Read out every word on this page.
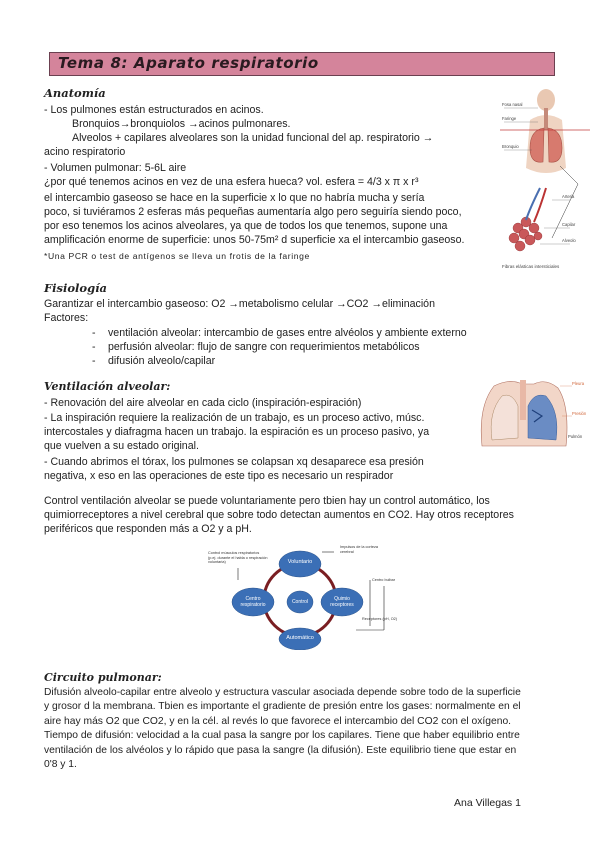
Tema 8: Aparato respiratorio
Anatomía
- Los pulmones están estructurados en acinos.
Bronquios→bronquiolos →acinos pulmonares.
Alveolos + capilares alveolares son la unidad funcional del ap. respiratorio →
acino respiratorio
- Volumen pulmonar: 5-6L aire
¿por qué tenemos acinos en vez de una esfera hueca? vol. esfera = 4/3 x π x r³
el intercambio gaseoso se hace en la superficie x lo que no habría mucha y sería
poco, si tuviéramos 2 esferas más pequeñas aumentaría algo pero seguiría siendo poco,
por eso tenemos los acinos alveolares, ya que de todos los que tenemos, supone una
amplificación enorme de superficie: unos 50-75m² d superficie xa el intercambio gaseoso.
*Una PCR o test de antígenos se lleva un frotis de la faringe
Fosa nasal
Faringe
Bronquio
Arteria
Capilar
Alveolo
Fibras elásticas intersticiales
Fisiología
Garantizar el intercambio gaseoso: O2 →metabolismo celular →CO2 →eliminación
Factores:
- ventilación alveolar: intercambio de gases entre alvéolos y ambiente externo
- perfusión alveolar: flujo de sangre con requerimientos metabólicos
- difusión alveolo/capilar
Ventilación alveolar:
- Renovación del aire alveolar en cada ciclo (inspiración-espiración)
- La inspiración requiere la realización de un trabajo, es un proceso activo, músc.
intercostales y diafragma hacen un trabajo. la espiración es un proceso pasivo, ya
que vuelven a su estado original.
- Cuando abrimos el tórax, los pulmones se colapsan xq desaparece esa presión
negativa, x eso en las operaciones de este tipo es necesario un respirador
Pleura
Presión
Pulmón
Control ventilación alveolar se puede voluntariamente pero tbien hay un control automático, los
quimiorreceptores a nivel cerebral que sobre todo detectan aumentos en CO2. Hay otros receptores
periféricos que responden más a O2 y a pH.
Voluntario
Quimio receptores
Automático
Centro respiratorio	Control
Control músculos respiratorios (p.ej. durante el habla o respiración voluntaria)
Impulsos de la corteza cerebral
Centro bulbar
Receptores (pH, O2)
Circuito pulmonar:
Difusión alveolo-capilar entre alveolo y estructura vascular asociada depende sobre todo de la superficie
y grosor d la membrana. Tbien es importante el gradiente de presión entre los gases: normalmente en el
aire hay más O2 que CO2, y en la cél. al revés lo que favorece el intercambio del CO2 con el oxígeno.
Tiempo de difusión: velocidad a la cual pasa la sangre por los capilares. Tiene que haber equilibrio entre
ventilación de los alvéolos y lo rápido que pasa la sangre (la difusión). Este equilibrio tiene que estar en
0'8 y 1.
Ana Villegas 1
